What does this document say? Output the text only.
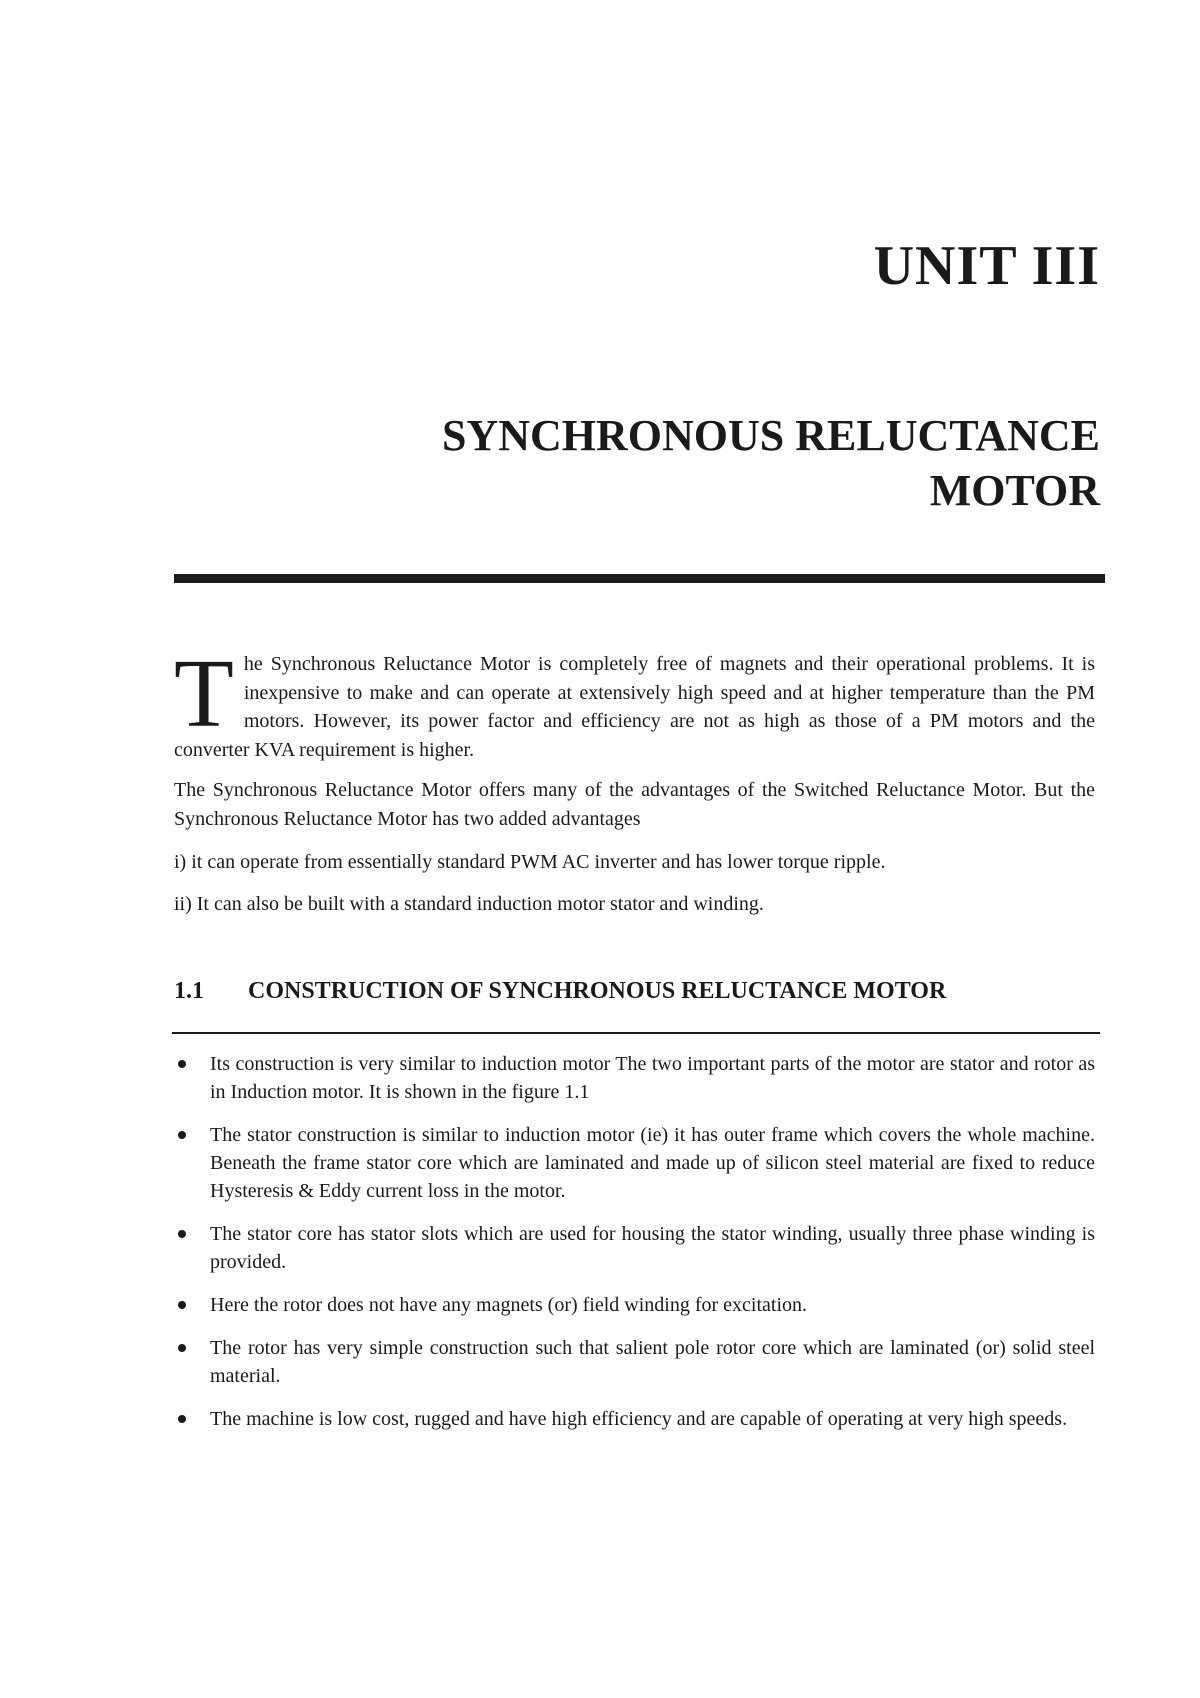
UNIT III
SYNCHRONOUS RELUCTANCE
MOTOR

The Synchronous Reluctance Motor is completely free of magnets and their operational problems. It is inexpensive to make and can operate at extensively high speed and at higher temperature than the PM motors. However, its power factor and efficiency are not as high as those of a PM motors and the converter KVA requirement is higher.

The Synchronous Reluctance Motor offers many of the advantages of the Switched Reluctance Motor. But the Synchronous Reluctance Motor has two added advantages

i) it can operate from essentially standard PWM AC inverter and has lower torque ripple.

ii) It can also be built with a standard induction motor stator and winding.

1.1 CONSTRUCTION OF SYNCHRONOUS RELUCTANCE MOTOR
Its construction is very similar to induction motor The two important parts of the motor are stator and rotor as in Induction motor. It is shown in the figure 1.1
The stator construction is similar to induction motor (ie) it has outer frame which covers the whole machine. Beneath the frame stator core which are laminated and made up of silicon steel material are fixed to reduce Hysteresis & Eddy current loss in the motor.
The stator core has stator slots which are used for housing the stator winding, usually three phase winding is provided.
Here the rotor does not have any magnets (or) field winding for excitation.
The rotor has very simple construction such that salient pole rotor core which are laminated (or) solid steel material.
The machine is low cost, rugged and have high efficiency and are capable of operating at very high speeds.
